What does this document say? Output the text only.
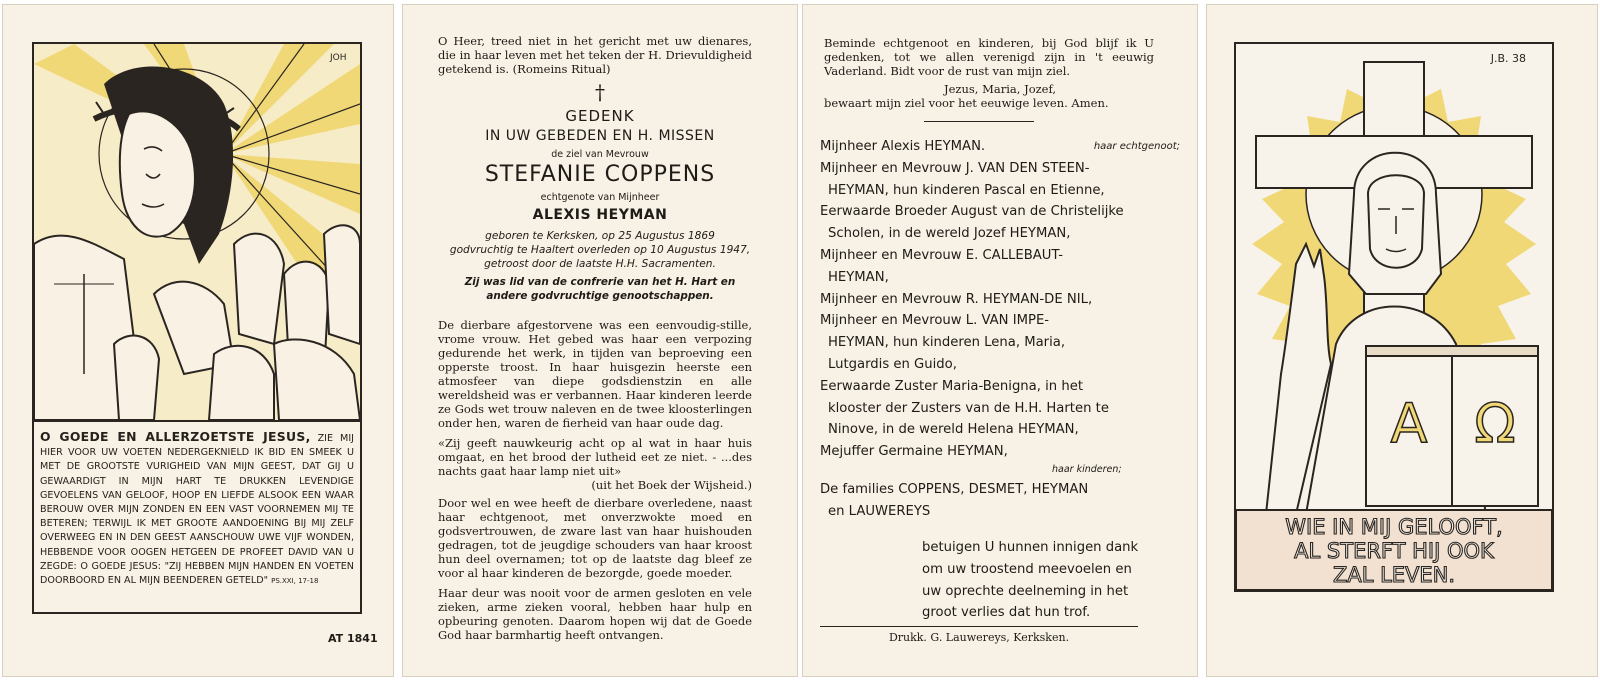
JOH
O GOEDE EN ALLERZOETSTE JESUS, ZIE MIJ HIER VOOR UW VOETEN NEDERGEKNIELD IK BID EN SMEEK U MET DE GROOTSTE VURIGHEID VAN MIJN GEEST, DAT GIJ U GEWAARDIGT IN MIJN HART TE DRUKKEN LEVENDIGE GEVOELENS VAN GELOOF, HOOP EN LIEFDE ALSOOK EEN WAAR BEROUW OVER MIJN ZONDEN EN EEN VAST VOORNEMEN MIJ TE BETEREN; TERWIJL IK MET GROOTE AANDOENING BIJ MIJ ZELF OVERWEEG EN IN DEN GEEST AANSCHOUW UWE VIJF WONDEN, HEBBENDE VOOR OOGEN HETGEEN DE PROFEET DAVID VAN U ZEGDE: O GOEDE JESUS: "ZIJ HEBBEN MIJN HANDEN EN VOETEN DOORBOORD EN AL MIJN BEENDEREN GETELD" PS.XXI, 17-18
AT 1841
O Heer, treed niet in het gericht met uw dienares, die in haar leven met het teken der H. Drievuldigheid getekend is. (Romeins Ritual)
†
GEDENK
IN UW GEBEDEN EN H. MISSEN
de ziel van Mevrouw
STEFANIE COPPENS
echtgenote van Mijnheer
ALEXIS HEYMAN
geboren te Kerksken, op 25 Augustus 1869
godvruchtig te Haaltert overleden op 10 Augustus 1947,
getroost door de laatste H.H. Sacramenten.
Zij was lid van de confrerie van het H. Hart en andere godvruchtige genootschappen.
De dierbare afgestorvene was een eenvoudig-stille, vrome vrouw. Het gebed was haar een verpozing gedurende het werk, in tijden van beproeving een opperste troost. In haar huisgezin heerste een atmosfeer van diepe godsdienstzin en alle wereldsheid was er verbannen. Haar kinderen leerde ze Gods wet trouw naleven en de twee kloosterlingen onder hen, waren de fierheid van haar oude dag.
«Zij geeft nauwkeurig acht op al wat in haar huis omgaat, en het brood der lutheid eet ze niet. - ...des nachts gaat haar lamp niet uit»
(uit het Boek der Wijsheid.)
Door wel en wee heeft de dierbare overledene, naast haar echtgenoot, met onverzwokte moed en godsvertrouwen, de zware last van haar huishouden gedragen, tot de jeugdige schouders van haar kroost hun deel overnamen; tot op de laatste dag bleef ze voor al haar kinderen de bezorgde, goede moeder.
Haar deur was nooit voor de armen gesloten en vele zieken, arme zieken vooral, hebben haar hulp en opbeuring genoten. Daarom hopen wij dat de Goede God haar barmhartig heeft ontvangen.
Beminde echtgenoot en kinderen, bij God blijf ik U gedenken, tot we allen verenigd zijn in 't eeuwig Vaderland. Bidt voor de rust van mijn ziel.
Jezus, Maria, Jozef,
bewaart mijn ziel voor het eeuwige leven. Amen.
Mijnheer Alexis HEYMAN.	haar echtgenoot;
Mijnheer en Mevrouw J. VAN DEN STEEN-
HEYMAN, hun kinderen Pascal en Etienne,
Eerwaarde Broeder August van de Christelijke
Scholen, in de wereld Jozef HEYMAN,
Mijnheer en Mevrouw E. CALLEBAUT-
HEYMAN,
Mijnheer en Mevrouw R. HEYMAN-DE NIL,
Mijnheer en Mevrouw L. VAN IMPE-
HEYMAN, hun kinderen Lena, Maria,
Lutgardis en Guido,
Eerwaarde Zuster Maria-Benigna, in het
klooster der Zusters van de H.H. Harten te
Ninove, in de wereld Helena HEYMAN,
Mejuffer Germaine HEYMAN,
haar kinderen;
De families COPPENS, DESMET, HEYMAN
en LAUWEREYS
betuigen U hunnen innigen dank
om uw troostend meevoelen en
uw oprechte deelneming in het
groot verlies dat hun trof.
Drukk. G. Lauwereys, Kerksken.
A Ω
J.B. 38
WIE IN MIJ GELOOFT,
AL STERFT HIJ OOK
ZAL LEVEN.
